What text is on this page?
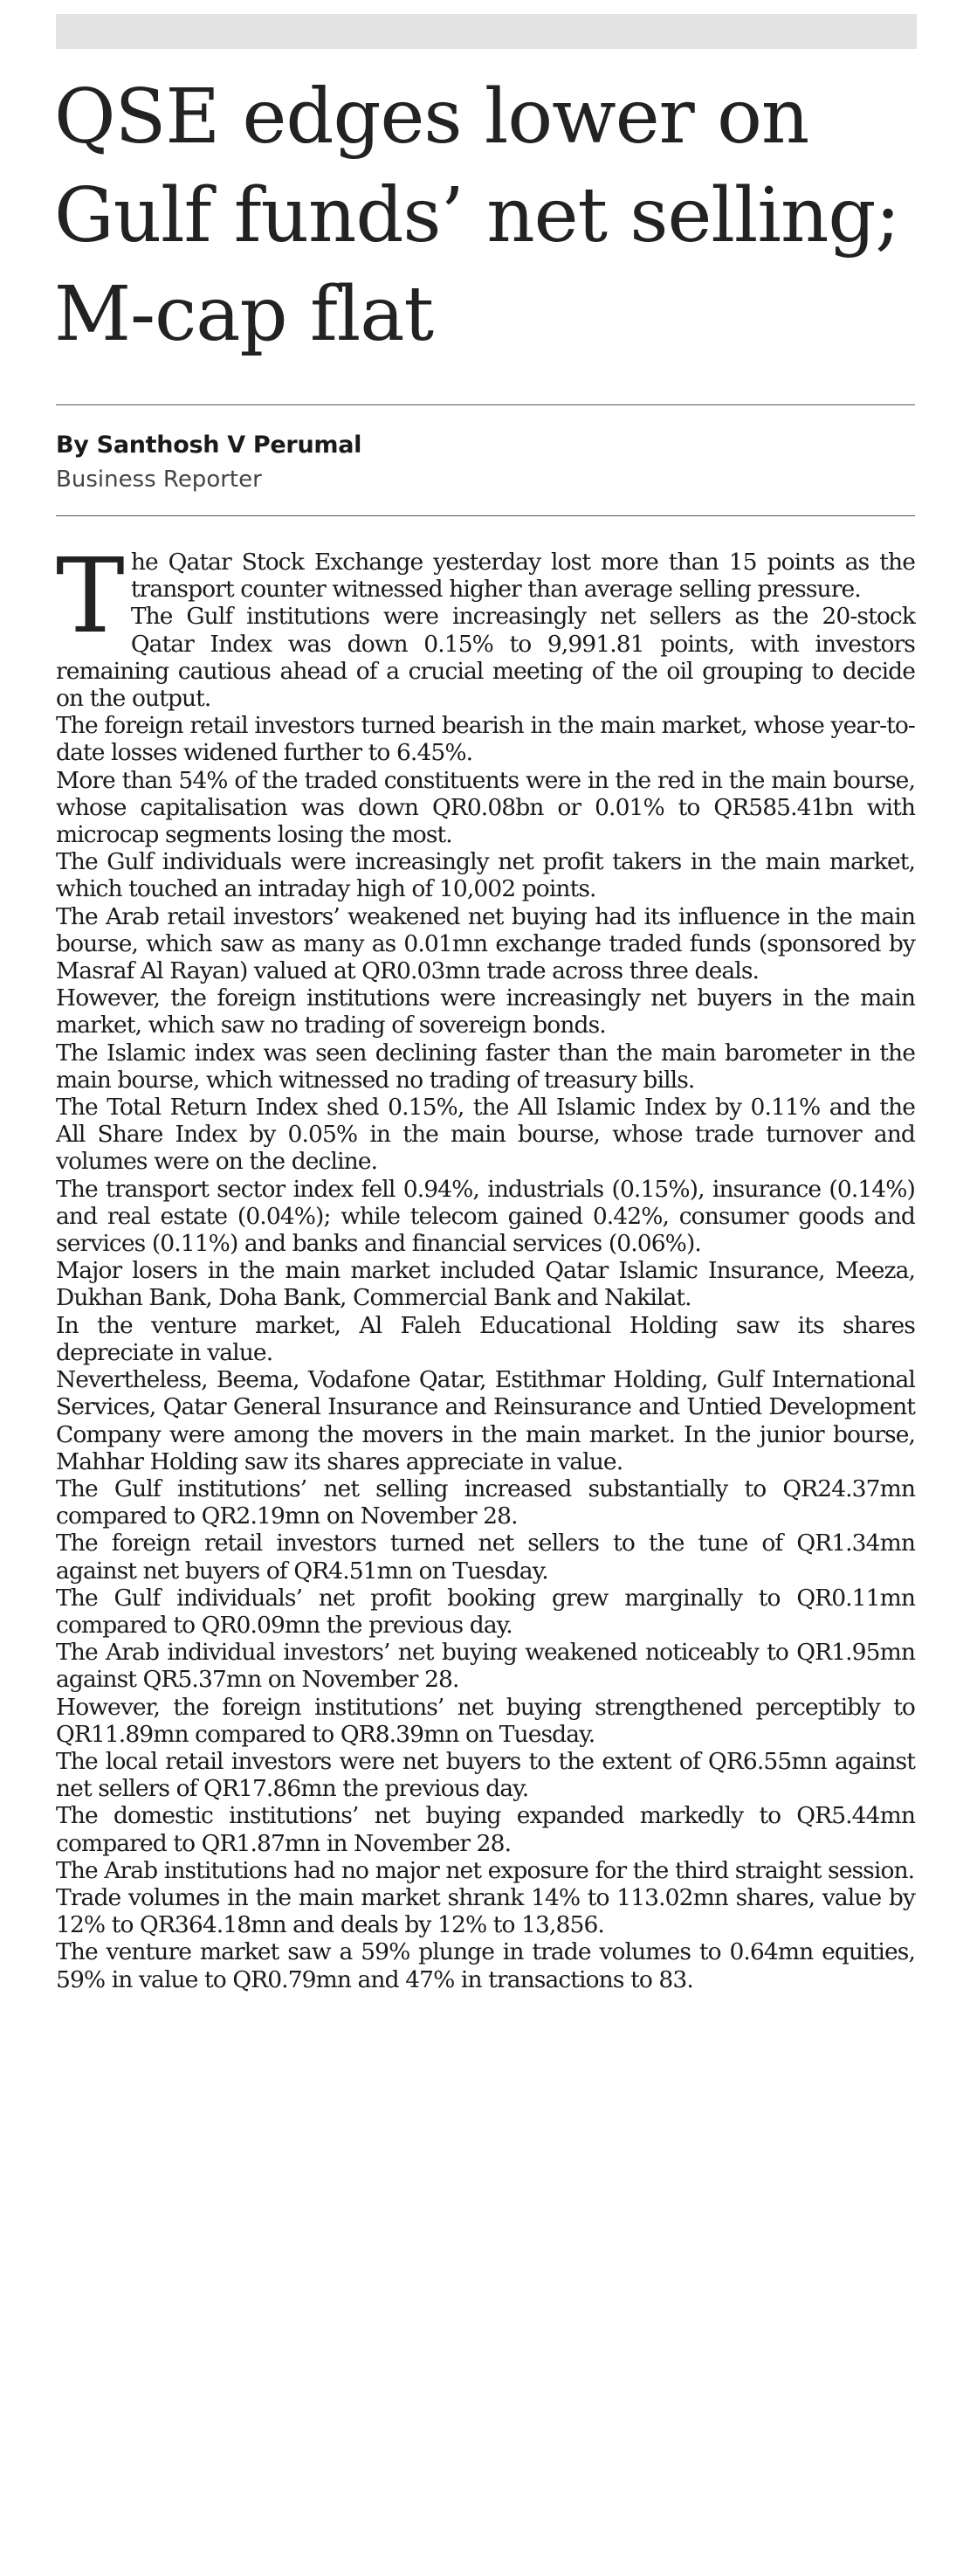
QSE edges lower on Gulf funds’ net selling; M-cap flat
By Santhosh V Perumal
Business Reporter

The Qatar Stock Exchange yesterday lost more than 15 points as the transport counter witnessed higher than average selling pressure.

The Gulf institutions were increasingly net sellers as the 20-stock Qatar Index was down 0.15% to 9,991.81 points, with investors remaining cautious ahead of a crucial meeting of the oil grouping to decide on the output.

The foreign retail investors turned bearish in the main market, whose year-to-date losses widened further to 6.45%.

More than 54% of the traded constituents were in the red in the main bourse, whose capitalisation was down QR0.08bn or 0.01% to QR585.41bn with microcap segments losing the most.

The Gulf individuals were increasingly net profit takers in the main market, which touched an intraday high of 10,002 points.

The Arab retail investors’ weakened net buying had its influence in the main bourse, which saw as many as 0.01mn exchange traded funds (sponsored by Masraf Al Rayan) valued at QR0.03mn trade across three deals.

However, the foreign institutions were increasingly net buyers in the main market, which saw no trading of sovereign bonds.

The Islamic index was seen declining faster than the main barometer in the main bourse, which witnessed no trading of treasury bills.

The Total Return Index shed 0.15%, the All Islamic Index by 0.11% and the All Share Index by 0.05% in the main bourse, whose trade turnover and volumes were on the decline.

The transport sector index fell 0.94%, industrials (0.15%), insurance (0.14%) and real estate (0.04%); while telecom gained 0.42%, consumer goods and services (0.11%) and banks and financial services (0.06%).

Major losers in the main market included Qatar Islamic Insurance, Meeza, Dukhan Bank, Doha Bank, Commercial Bank and Nakilat.

In the venture market, Al Faleh Educational Holding saw its shares depreciate in value.

Nevertheless, Beema, Vodafone Qatar, Estithmar Holding, Gulf International Services, Qatar General Insurance and Reinsurance and Untied Development Company were among the movers in the main market. In the junior bourse, Mahhar Holding saw its shares appreciate in value.

The Gulf institutions’ net selling increased substantially to QR24.37mn compared to QR2.19mn on November 28.

The foreign retail investors turned net sellers to the tune of QR1.34mn against net buyers of QR4.51mn on Tuesday.

The Gulf individuals’ net profit booking grew marginally to QR0.11mn compared to QR0.09mn the previous day.

The Arab individual investors’ net buying weakened noticeably to QR1.95mn against QR5.37mn on November 28.

However, the foreign institutions’ net buying strengthened perceptibly to QR11.89mn compared to QR8.39mn on Tuesday.

The local retail investors were net buyers to the extent of QR6.55mn against net sellers of QR17.86mn the previous day.

The domestic institutions’ net buying expanded markedly to QR5.44mn compared to QR1.87mn in November 28.

The Arab institutions had no major net exposure for the third straight session.

Trade volumes in the main market shrank 14% to 113.02mn shares, value by 12% to QR364.18mn and deals by 12% to 13,856.

The venture market saw a 59% plunge in trade volumes to 0.64mn equities, 59% in value to QR0.79mn and 47% in transactions to 83.
